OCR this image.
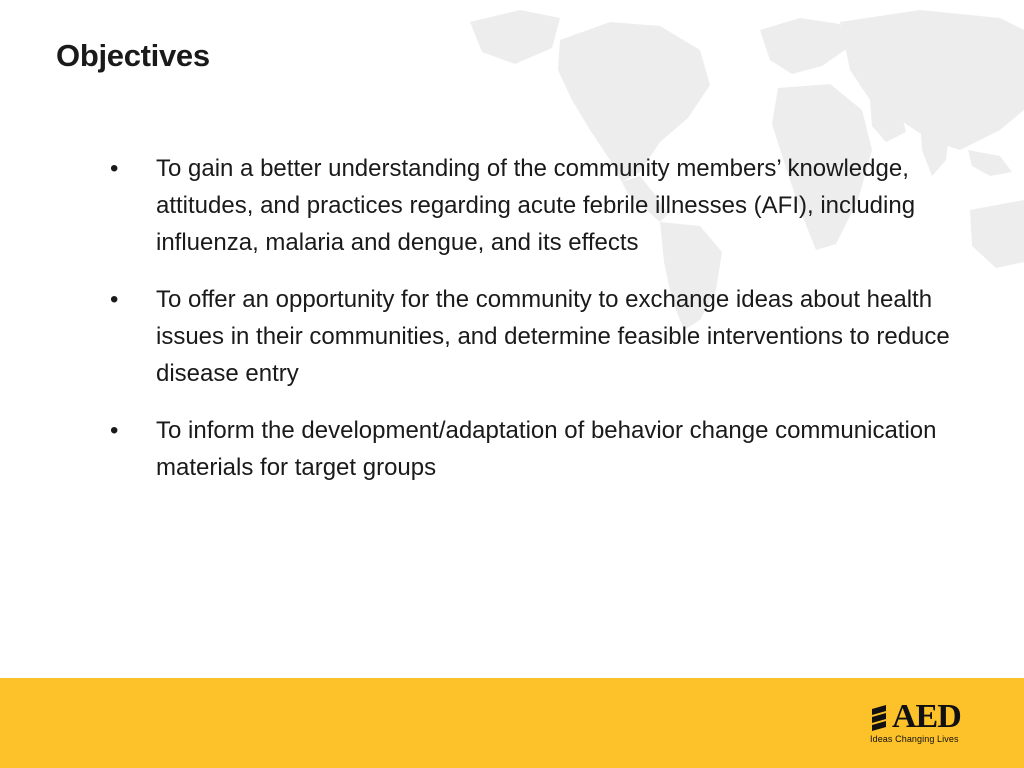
Objectives
•	To gain a better understanding of the community members’ knowledge, attitudes, and practices regarding acute febrile illnesses (AFI), including influenza, malaria and dengue, and its effects
•	To offer an opportunity for the community to exchange ideas about health issues in their communities, and determine feasible interventions to reduce disease entry
•	To inform the development/adaptation of behavior change communication materials for target groups
AED
Ideas Changing Lives
